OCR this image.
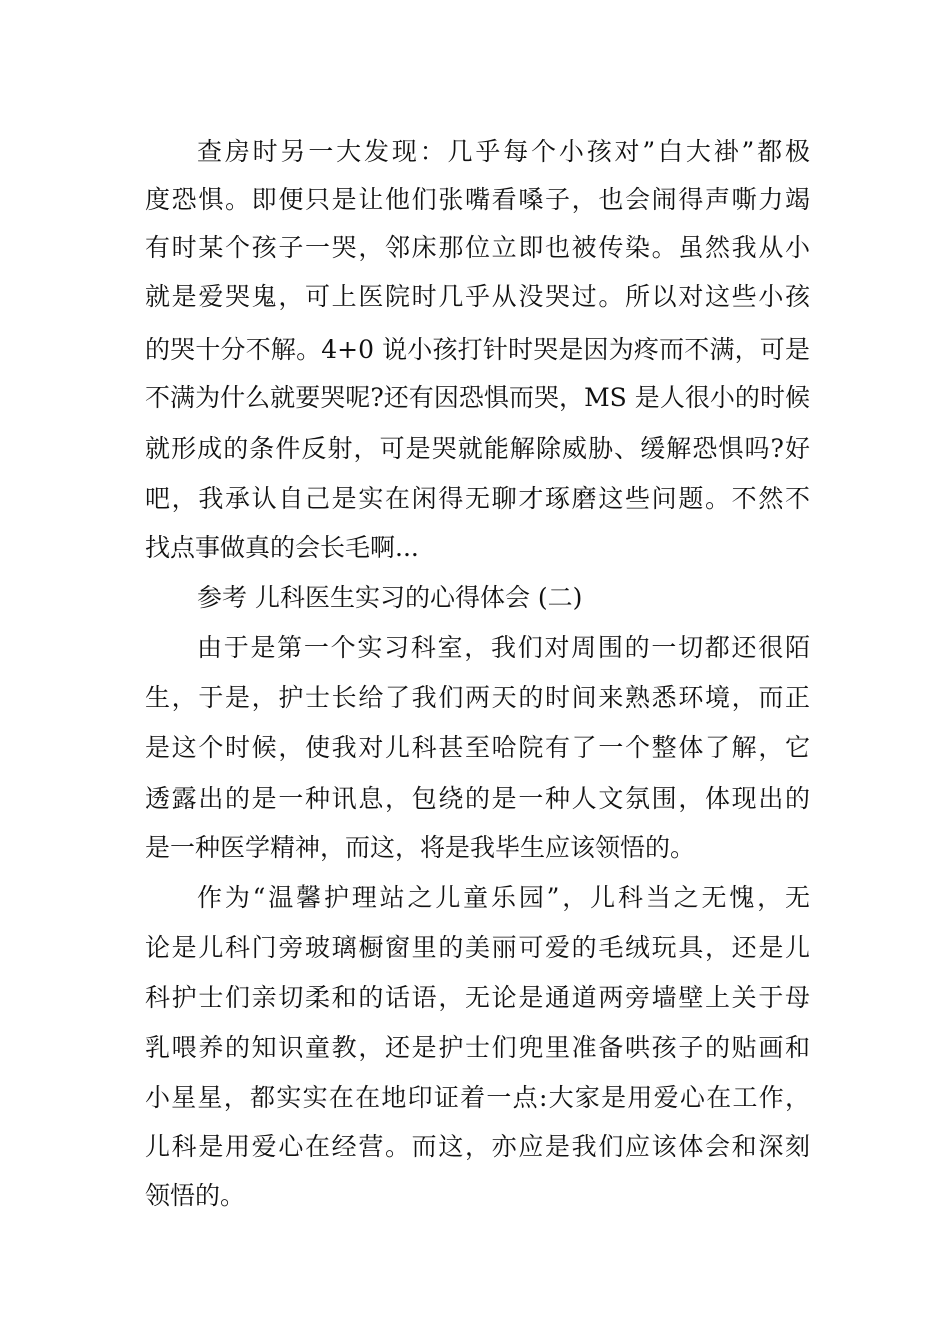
查房时另一大发现：几乎每个小孩对”白大褂”都极
度恐惧。即便只是让他们张嘴看嗓子，也会闹得声嘶力竭
有时某个孩子一哭，邻床那位立即也被传染。虽然我从小
就是爱哭鬼，可上医院时几乎从没哭过。所以对这些小孩
的哭十分不解。4+0 说小孩打针时哭是因为疼而不满，可是
不满为什么就要哭呢?还有因恐惧而哭，MS 是人很小的时候
就形成的条件反射，可是哭就能解除威胁、缓解恐惧吗?好
吧，我承认自己是实在闲得无聊才琢磨这些问题。不然不
找点事做真的会长毛啊...
参考 儿科医生实习的心得体会 (二)
由于是第一个实习科室，我们对周围的一切都还很陌
生，于是，护士长给了我们两天的时间来熟悉环境，而正
是这个时候，使我对儿科甚至哈院有了一个整体了解，它
透露出的是一种讯息，包绕的是一种人文氛围，体现出的
是一种医学精神，而这，将是我毕生应该领悟的。
作为“温馨护理站之儿童乐园”，儿科当之无愧，无
论是儿科门旁玻璃橱窗里的美丽可爱的毛绒玩具，还是儿
科护士们亲切柔和的话语，无论是通道两旁墙壁上关于母
乳喂养的知识童教，还是护士们兜里准备哄孩子的贴画和
小星星，都实实在在地印证着一点:大家是用爱心在工作，
儿科是用爱心在经营。而这，亦应是我们应该体会和深刻
领悟的。
